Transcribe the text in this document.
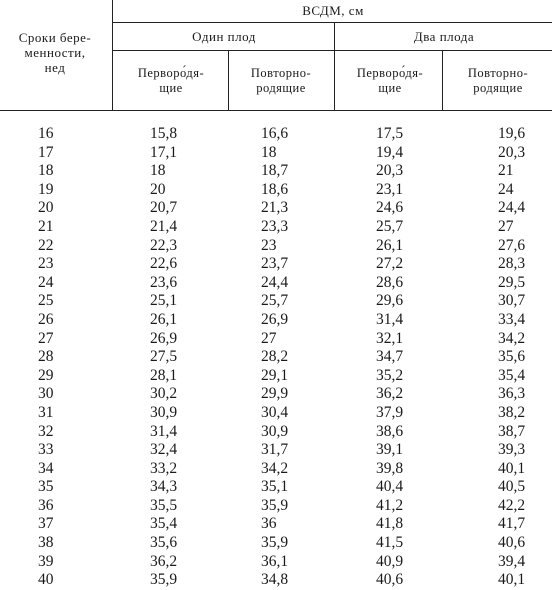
Сроки бере-
менности,
нед
ВСДМ, см
Один плод	Два плода
Перворо́дя-
щие
Повторно-
родящие
Перворо́дя-
щие
Повторно-
родящие
16	15,8	16,6	17,5	19,6
17	17,1	18	19,4	20,3
18	18	18,7	20,3	21
19	20	18,6	23,1	24
20	20,7	21,3	24,6	24,4
21	21,4	23,3	25,7	27
22	22,3	23	26,1	27,6
23	22,6	23,7	27,2	28,3
24	23,6	24,4	28,6	29,5
25	25,1	25,7	29,6	30,7
26	26,1	26,9	31,4	33,4
27	26,9	27	32,1	34,2
28	27,5	28,2	34,7	35,6
29	28,1	29,1	35,2	35,4
30	30,2	29,9	36,2	36,3
31	30,9	30,4	37,9	38,2
32	31,4	30,9	38,6	38,7
33	32,4	31,7	39,1	39,3
34	33,2	34,2	39,8	40,1
35	34,3	35,1	40,4	40,5
36	35,5	35,9	41,2	42,2
37	35,4	36	41,8	41,7
38	35,6	35,9	41,5	40,6
39	36,2	36,1	40,9	39,4
40	35,9	34,8	40,6	40,1
